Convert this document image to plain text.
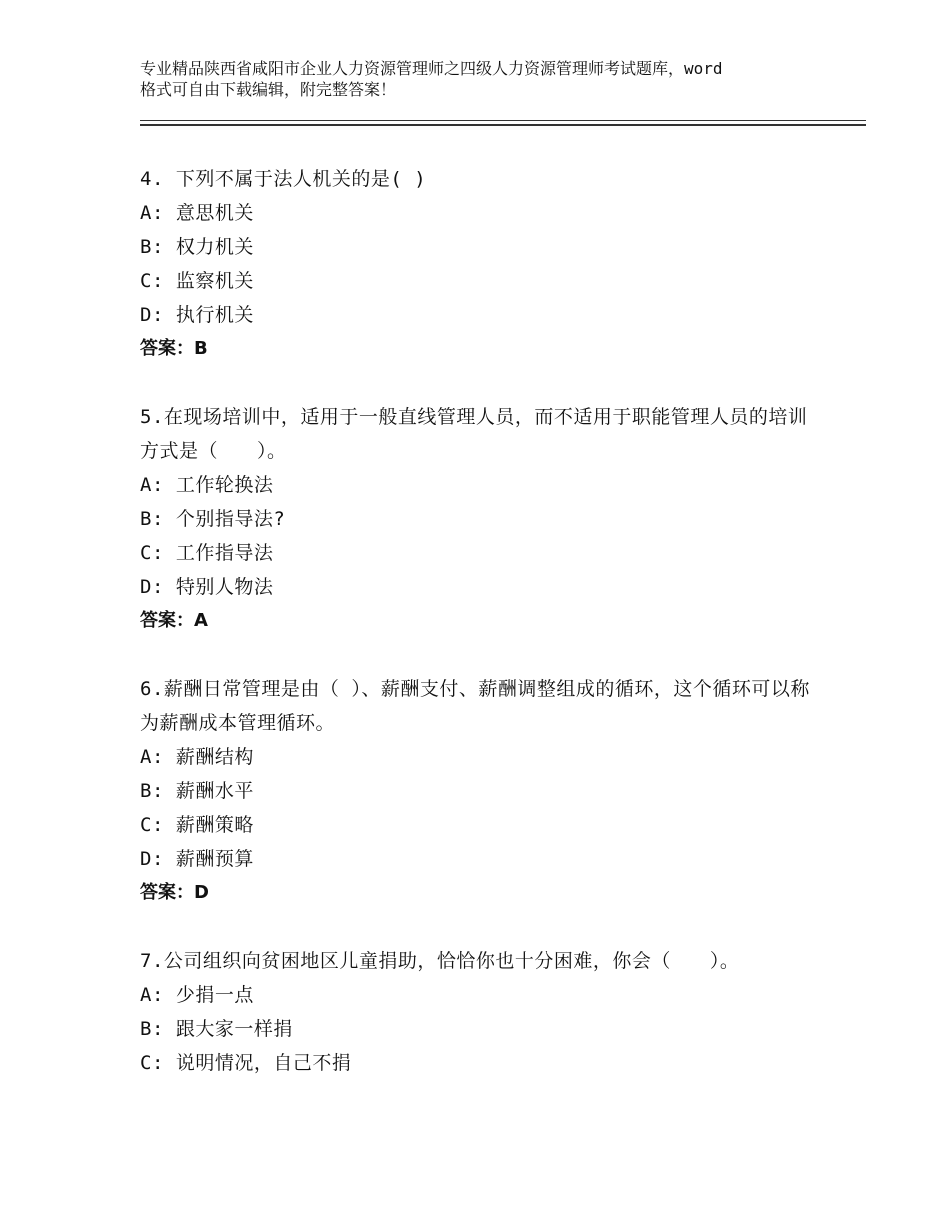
专业精品陕西省咸阳市企业人力资源管理师之四级人力资源管理师考试题库，word
格式可自由下载编辑，附完整答案！
4. 下列不属于法人机关的是( )
A: 意思机关
B: 权力机关
C: 监察机关
D: 执行机关
答案：B
5.在现场培训中，适用于一般直线管理人员，而不适用于职能管理人员的培训方式是（　　）。
A: 工作轮换法
B: 个别指导法?
C: 工作指导法
D: 特别人物法
答案：A
6.薪酬日常管理是由（ ）、薪酬支付、薪酬调整组成的循环，这个循环可以称为薪酬成本管理循环。
A: 薪酬结构
B: 薪酬水平
C: 薪酬策略
D: 薪酬预算
答案：D
7.公司组织向贫困地区儿童捐助，恰恰你也十分困难，你会（　　）。
A: 少捐一点
B: 跟大家一样捐
C: 说明情况，自己不捐
